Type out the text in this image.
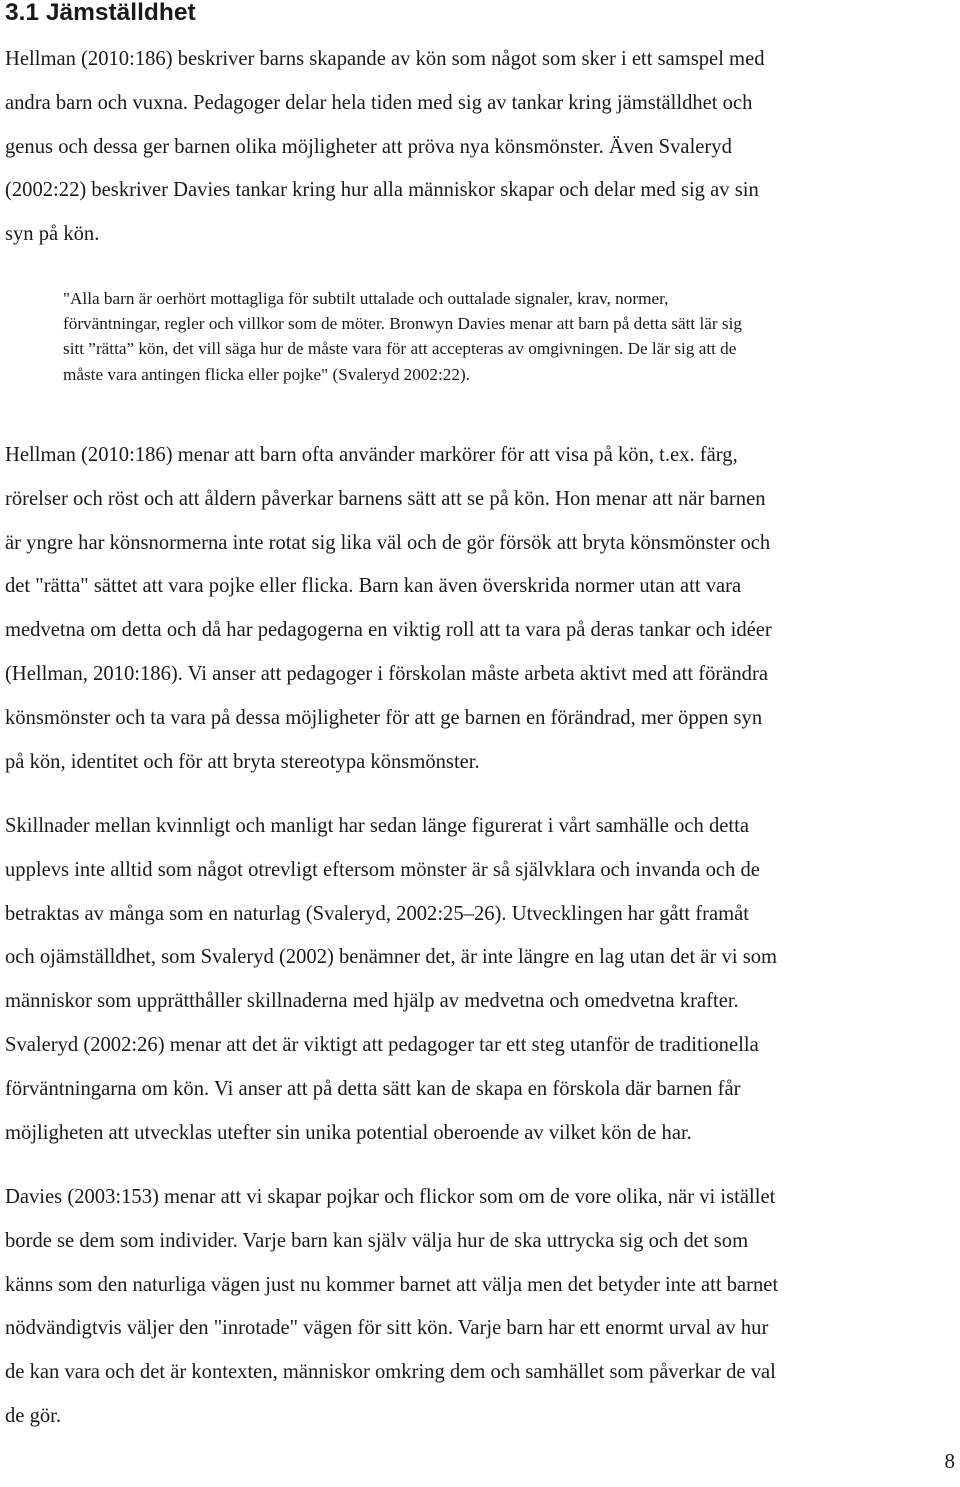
3.1 Jämställdhet

Hellman (2010:186) beskriver barns skapande av kön som något som sker i ett samspel med
andra barn och vuxna. Pedagoger delar hela tiden med sig av tankar kring jämställdhet och
genus och dessa ger barnen olika möjligheter att pröva nya könsmönster. Även Svaleryd
(2002:22) beskriver Davies tankar kring hur alla människor skapar och delar med sig av sin
syn på kön.

"Alla barn är oerhört mottagliga för subtilt uttalade och outtalade signaler, krav, normer,
förväntningar, regler och villkor som de möter. Bronwyn Davies menar att barn på detta sätt lär sig
sitt ”rätta” kön, det vill säga hur de måste vara för att accepteras av omgivningen. De lär sig att de
måste vara antingen flicka eller pojke" (Svaleryd 2002:22).

Hellman (2010:186) menar att barn ofta använder markörer för att visa på kön, t.ex. färg,
rörelser och röst och att åldern påverkar barnens sätt att se på kön. Hon menar att när barnen
är yngre har könsnormerna inte rotat sig lika väl och de gör försök att bryta könsmönster och
det "rätta" sättet att vara pojke eller flicka. Barn kan även överskrida normer utan att vara
medvetna om detta och då har pedagogerna en viktig roll att ta vara på deras tankar och idéer
(Hellman, 2010:186). Vi anser att pedagoger i förskolan måste arbeta aktivt med att förändra
könsmönster och ta vara på dessa möjligheter för att ge barnen en förändrad, mer öppen syn
på kön, identitet och för att bryta stereotypa könsmönster.

Skillnader mellan kvinnligt och manligt har sedan länge figurerat i vårt samhälle och detta
upplevs inte alltid som något otrevligt eftersom mönster är så självklara och invanda och de
betraktas av många som en naturlag (Svaleryd, 2002:25–26). Utvecklingen har gått framåt
och ojämställdhet, som Svaleryd (2002) benämner det, är inte längre en lag utan det är vi som
människor som upprätthåller skillnaderna med hjälp av medvetna och omedvetna krafter.
Svaleryd (2002:26) menar att det är viktigt att pedagoger tar ett steg utanför de traditionella
förväntningarna om kön. Vi anser att på detta sätt kan de skapa en förskola där barnen får
möjligheten att utvecklas utefter sin unika potential oberoende av vilket kön de har.

Davies (2003:153) menar att vi skapar pojkar och flickor som om de vore olika, när vi istället
borde se dem som individer. Varje barn kan själv välja hur de ska uttrycka sig och det som
känns som den naturliga vägen just nu kommer barnet att välja men det betyder inte att barnet
nödvändigtvis väljer den "inrotade" vägen för sitt kön. Varje barn har ett enormt urval av hur
de kan vara och det är kontexten, människor omkring dem och samhället som påverkar de val
de gör.

8
